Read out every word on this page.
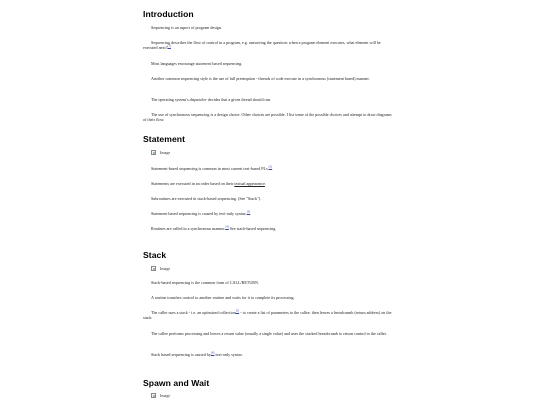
Introduction

Sequencing is an aspect of program design.

Sequencing describes the flow of control in a program, e.g. answering the question: when a program element executes, what element will be executed next?[1]

Most languages encourage statement based sequencing.

Another common sequencing style is the use of full preemption - threads of code execute in a synchronous (statement based) manner.

The operating system's dispatcher decides that a given thread should run.

The use of synchronous sequencing is a design choice. Other choices are possible. I list some of the possible choices and attempt to draw diagrams of their flow.

Statement
Image

Statement-based sequencing is common in most current text-based PLs.[2]

Statements are executed in an order based on their textual appearance.

Subroutines are executed in stack-based sequencing. (See "Stack").

Statement based sequencing is caused by text-only syntax.[3]

Routines are called in a synchronous manner.[4] See stack-based sequencing.

Stack
Image

Stack-based sequencing is the common form of CALL/RETURN.

A routine transfers control to another routine and waits for it to complete its processing.

The caller uses a stack - i.e. an optimized collection[5] - to create a list of parameters to the callee, then leaves a breadcrumb (return address) on the stack.

The callee performs processing and leaves a return value (usually a single value) and uses the stacked breadcrumb to return control to the caller.

Stack based sequencing is caused by[6] text-only syntax.

Spawn and Wait
Image
